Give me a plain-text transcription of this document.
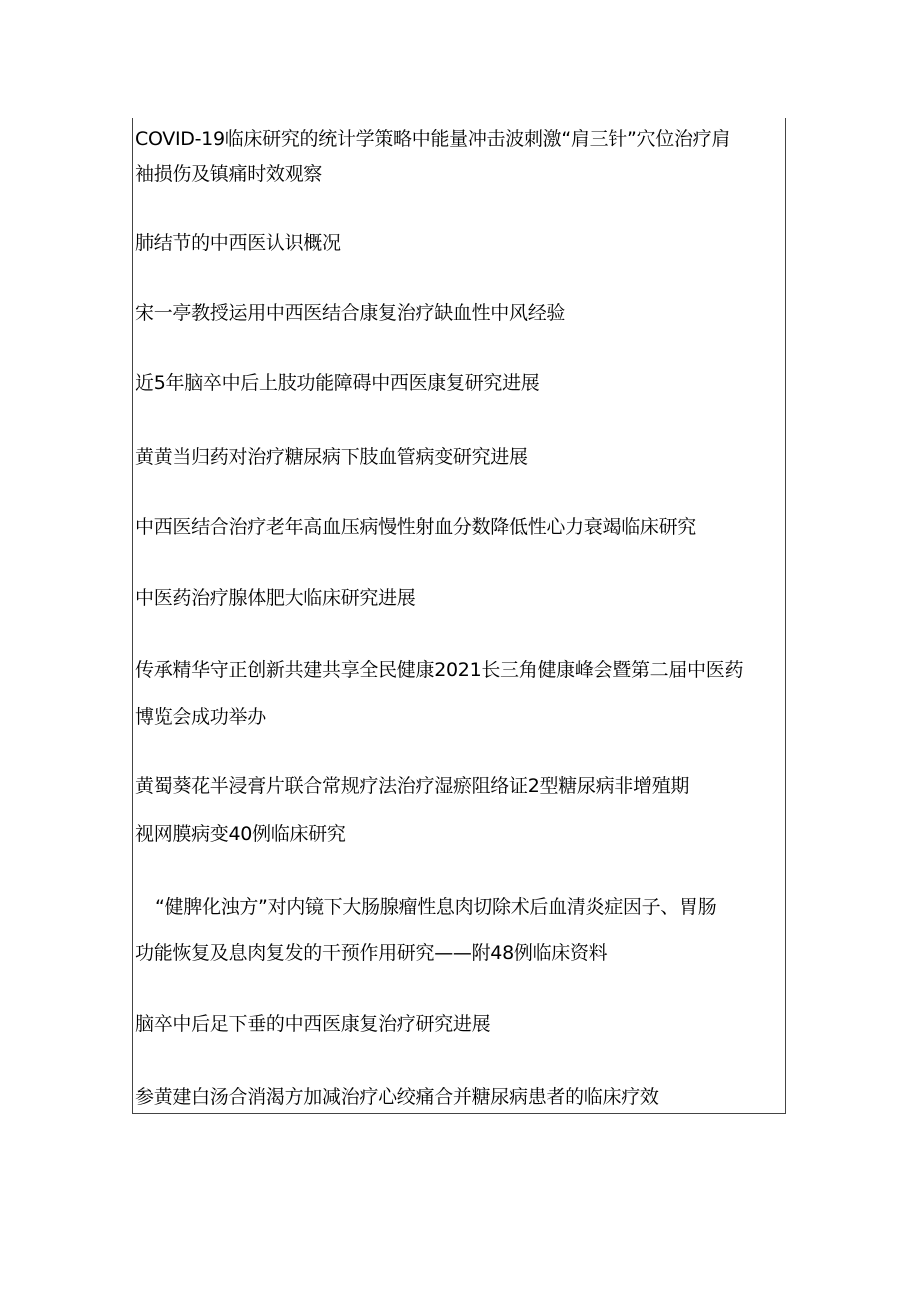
COVID-19临床研究的统计学策略中能量冲击波刺激“肩三针”穴位治疗肩
袖损伤及镇痛时效观察
肺结节的中西医认识概况
宋一亭教授运用中西医结合康复治疗缺血性中风经验
近5年脑卒中后上肢功能障碍中西医康复研究进展
黄黄当归药对治疗糖尿病下肢血管病变研究进展
中西医结合治疗老年高血压病慢性射血分数降低性心力衰竭临床研究
中医药治疗腺体肥大临床研究进展
传承精华守正创新共建共享全民健康2021长三角健康峰会暨第二届中医药
博览会成功举办
黄蜀葵花半浸膏片联合常规疗法治疗湿瘀阻络证2型糖尿病非增殖期
视网膜病变40例临床研究
“健脾化浊方”对内镜下大肠腺瘤性息肉切除术后血清炎症因子、胃肠
功能恢复及息肉复发的干预作用研究——附48例临床资料
脑卒中后足下垂的中西医康复治疗研究进展
参黄建白汤合消渴方加减治疗心绞痛合并糖尿病患者的临床疗效
